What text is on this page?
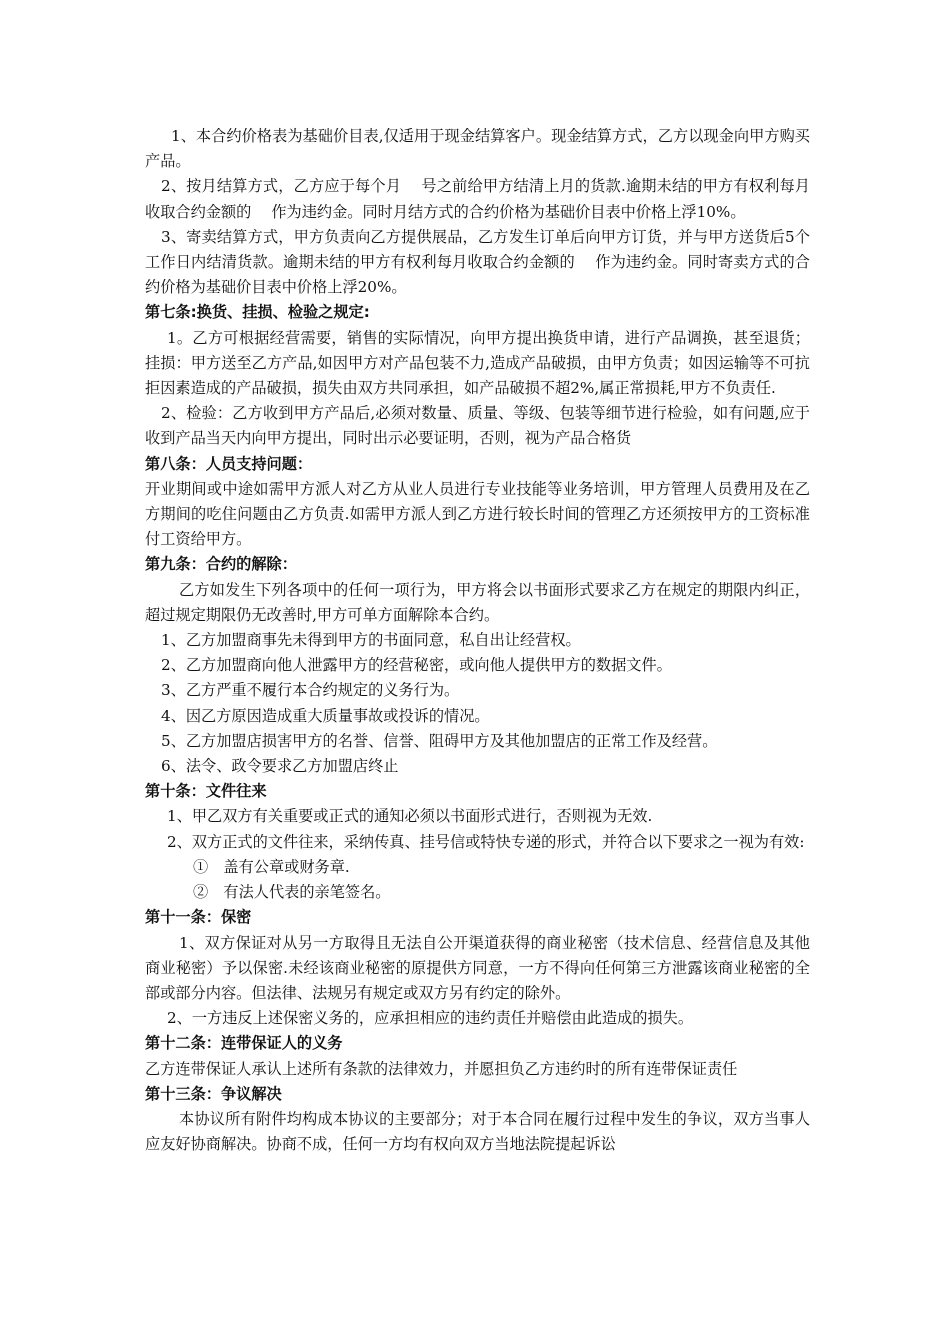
1、本合约价格表为基础价目表,仅适用于现金结算客户。现金结算方式，乙方以现金向甲方购买产品。

2、按月结算方式，乙方应于每个月　 号之前给甲方结清上月的货款.逾期未结的甲方有权利每月收取合约金额的　 作为违约金。同时月结方式的合约价格为基础价目表中价格上浮10%。

3、寄卖结算方式，甲方负责向乙方提供展品，乙方发生订单后向甲方订货，并与甲方送货后5个工作日内结清货款。逾期未结的甲方有权利每月收取合约金额的　 作为违约金。同时寄卖方式的合约价格为基础价目表中价格上浮20%。

第七条:换货、挂损、检验之规定:

1。乙方可根据经营需要，销售的实际情况，向甲方提出换货申请，进行产品调换，甚至退货；挂损：甲方送至乙方产品,如因甲方对产品包装不力,造成产品破损，由甲方负责；如因运输等不可抗拒因素造成的产品破损，损失由双方共同承担，如产品破损不超2%,属正常损耗,甲方不负责任.

2、检验：乙方收到甲方产品后,必须对数量、质量、等级、包装等细节进行检验，如有问题,应于收到产品当天内向甲方提出，同时出示必要证明，否则，视为产品合格货

第八条：人员支持问题：

开业期间或中途如需甲方派人对乙方从业人员进行专业技能等业务培训，甲方管理人员费用及在乙方期间的吃住问题由乙方负责.如需甲方派人到乙方进行较长时间的管理乙方还须按甲方的工资标准付工资给甲方。

第九条：合约的解除：

乙方如发生下列各项中的任何一项行为，甲方将会以书面形式要求乙方在规定的期限内纠正，超过规定期限仍无改善时,甲方可单方面解除本合约。

1、乙方加盟商事先未得到甲方的书面同意，私自出让经营权。

2、乙方加盟商向他人泄露甲方的经营秘密，或向他人提供甲方的数据文件。

3、乙方严重不履行本合约规定的义务行为。

4、因乙方原因造成重大质量事故或投诉的情况。

5、乙方加盟店损害甲方的名誉、信誉、阻碍甲方及其他加盟店的正常工作及经营。

6、法令、政令要求乙方加盟店终止

第十条：文件往来

1、甲乙双方有关重要或正式的通知必须以书面形式进行，否则视为无效.

2、双方正式的文件往来，采纳传真、挂号信或特快专递的形式，并符合以下要求之一视为有效:

①　盖有公章或财务章.

②　有法人代表的亲笔签名。

第十一条：保密

1、双方保证对从另一方取得且无法自公开渠道获得的商业秘密（技术信息、经营信息及其他商业秘密）予以保密.未经该商业秘密的原提供方同意，一方不得向任何第三方泄露该商业秘密的全部或部分内容。但法律、法规另有规定或双方另有约定的除外。

2、一方违反上述保密义务的，应承担相应的违约责任并赔偿由此造成的损失。

第十二条：连带保证人的义务

乙方连带保证人承认上述所有条款的法律效力，并愿担负乙方违约时的所有连带保证责任

第十三条：争议解决

本协议所有附件均构成本协议的主要部分；对于本合同在履行过程中发生的争议，双方当事人应友好协商解决。协商不成，任何一方均有权向双方当地法院提起诉讼
